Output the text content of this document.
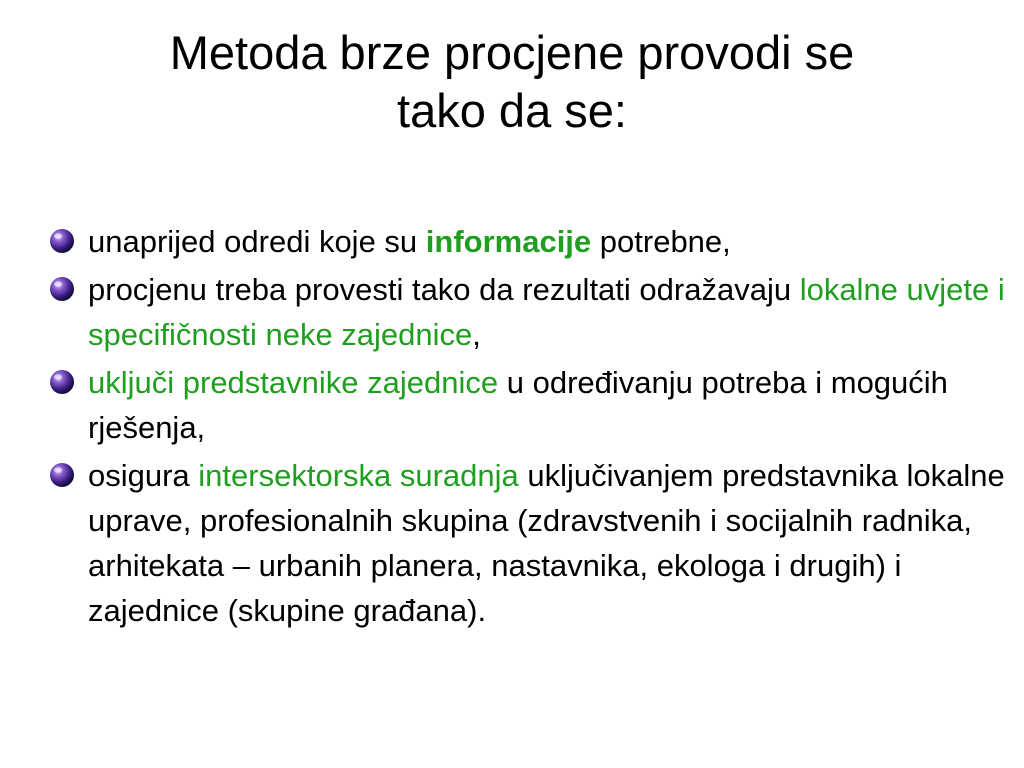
Metoda brze procjene provodi se
tako da se:
unaprijed odredi koje su informacije potrebne,
procjenu treba provesti tako da rezultati odražavaju lokalne uvjete i specifičnosti neke zajednice,
uključi predstavnike zajednice u određivanju potreba i mogućih rješenja,
osigura intersektorska suradnja uključivanjem predstavnika lokalne uprave, profesionalnih skupina (zdravstvenih i socijalnih radnika, arhitekata – urbanih planera, nastavnika, ekologa i drugih) i zajednice (skupine građana).
